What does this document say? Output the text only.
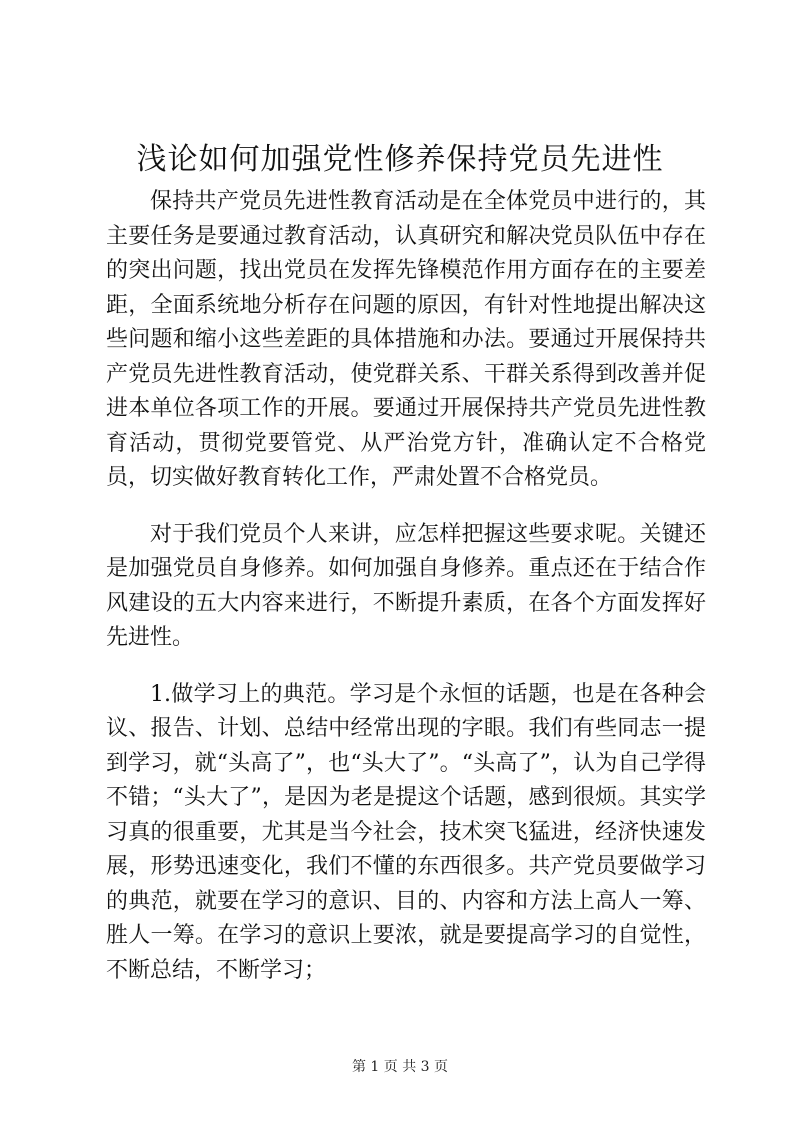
浅论如何加强党性修养保持党员先进性

保持共产党员先进性教育活动是在全体党员中进行的，其主要任务是要通过教育活动，认真研究和解决党员队伍中存在的突出问题，找出党员在发挥先锋模范作用方面存在的主要差距，全面系统地分析存在问题的原因，有针对性地提出解决这些问题和缩小这些差距的具体措施和办法。要通过开展保持共产党员先进性教育活动，使党群关系、干群关系得到改善并促进本单位各项工作的开展。要通过开展保持共产党员先进性教育活动，贯彻党要管党、从严治党方针，准确认定不合格党员，切实做好教育转化工作，严肃处置不合格党员。

对于我们党员个人来讲，应怎样把握这些要求呢。关键还是加强党员自身修养。如何加强自身修养。重点还在于结合作风建设的五大内容来进行，不断提升素质，在各个方面发挥好先进性。

1.做学习上的典范。学习是个永恒的话题，也是在各种会议、报告、计划、总结中经常出现的字眼。我们有些同志一提到学习，就“头高了”，也“头大了”。“头高了”，认为自己学得不错；“头大了”，是因为老是提这个话题，感到很烦。其实学习真的很重要，尤其是当今社会，技术突飞猛进，经济快速发展，形势迅速变化，我们不懂的东西很多。共产党员要做学习的典范，就要在学习的意识、目的、内容和方法上高人一筹、胜人一筹。在学习的意识上要浓，就是要提高学习的自觉性，不断总结，不断学习；

第 1 页 共 3 页
